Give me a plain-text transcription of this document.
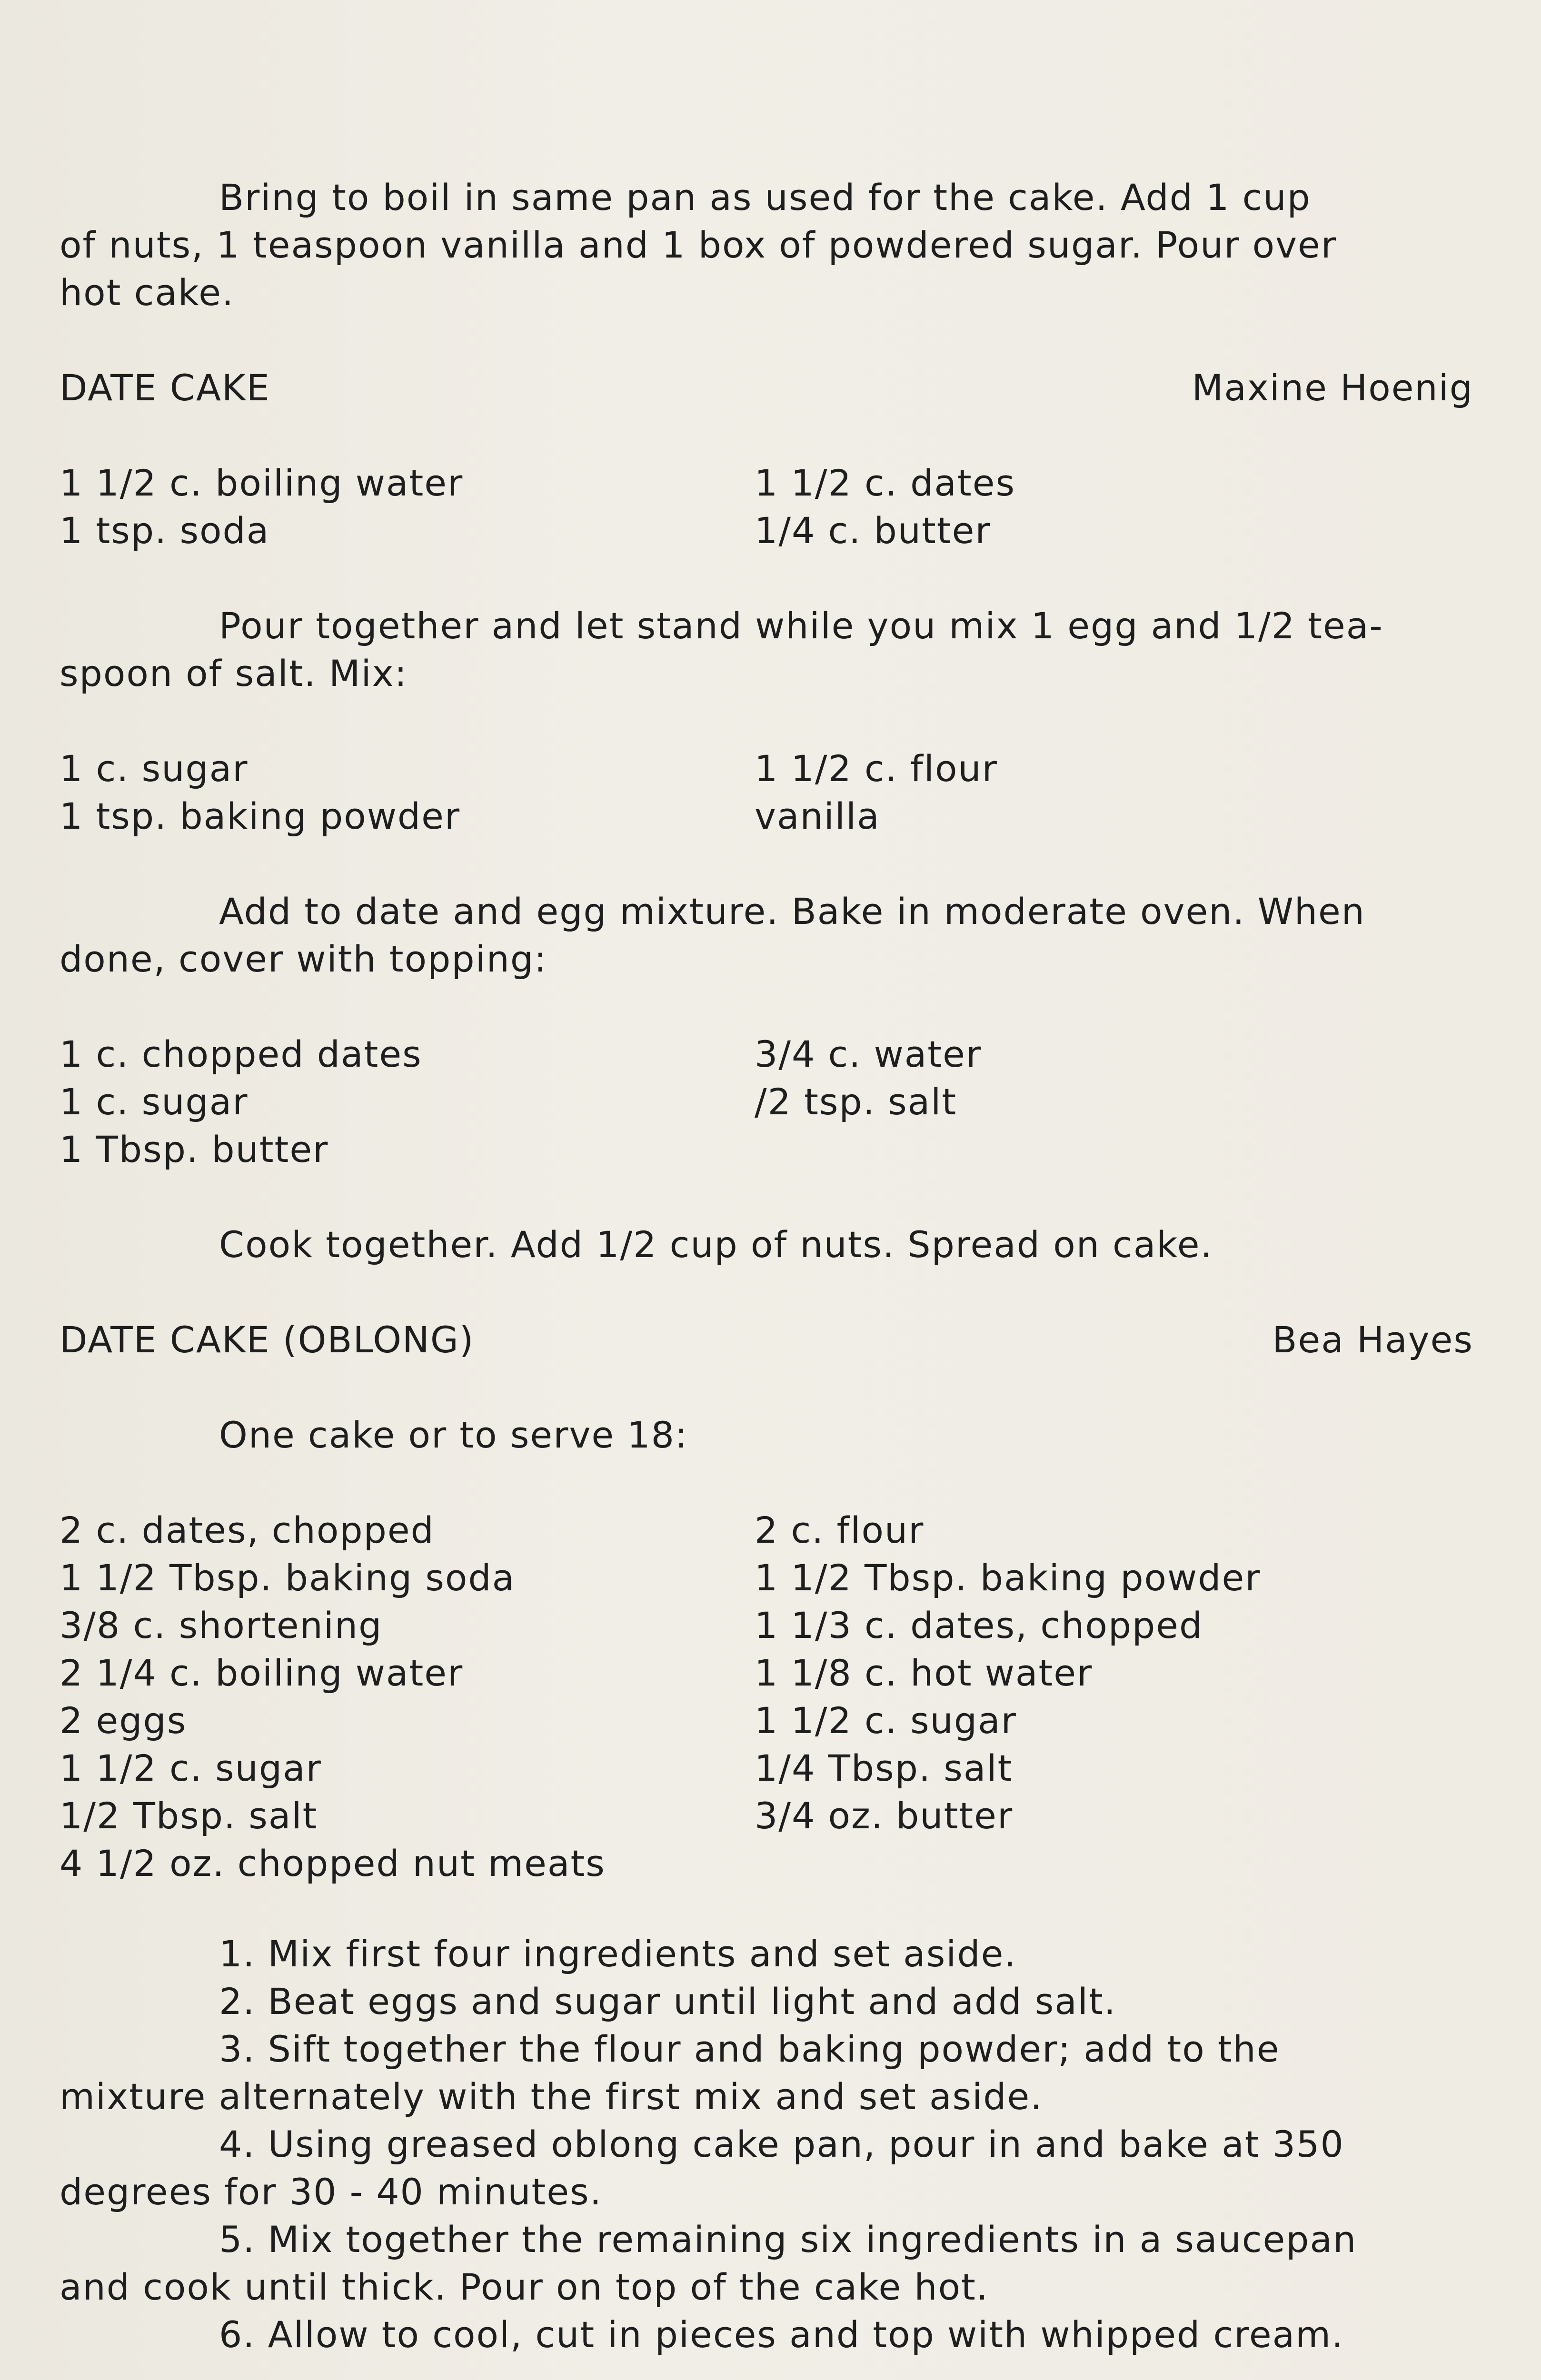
Bring to boil in same pan as used for the cake. Add 1 cup

of nuts, 1 teaspoon vanilla and 1 box of powdered sugar. Pour over

hot cake.

DATE CAKE	Maxine Hoenig
1 1/2 c. boiling water	1 1/2 c. dates
1 tsp. soda	1/4 c. butter

Pour together and let stand while you mix 1 egg and 1/2 tea-

spoon of salt. Mix:

1 c. sugar	1 1/2 c. flour
1 tsp. baking powder	vanilla

Add to date and egg mixture. Bake in moderate oven. When

done, cover with topping:

1 c. chopped dates	3/4 c. water
1 c. sugar	/2 tsp. salt
1 Tbsp. butter

Cook together. Add 1/2 cup of nuts. Spread on cake.

DATE CAKE (OBLONG)	Bea Hayes

One cake or to serve 18:

2 c. dates, chopped	2 c. flour
1 1/2 Tbsp. baking soda	1 1/2 Tbsp. baking powder
3/8 c. shortening	1 1/3 c. dates, chopped
2 1/4 c. boiling water	1 1/8 c. hot water
2 eggs	1 1/2 c. sugar
1 1/2 c. sugar	1/4 Tbsp. salt
1/2 Tbsp. salt	3/4 oz. butter
4 1/2 oz. chopped nut meats

1. Mix first four ingredients and set aside.

2. Beat eggs and sugar until light and add salt.

3. Sift together the flour and baking powder; add to the

mixture alternately with the first mix and set aside.

4. Using greased oblong cake pan, pour in and bake at 350

degrees for 30 - 40 minutes.

5. Mix together the remaining six ingredients in a saucepan

and cook until thick. Pour on top of the cake hot.

6. Allow to cool, cut in pieces and top with whipped cream.
